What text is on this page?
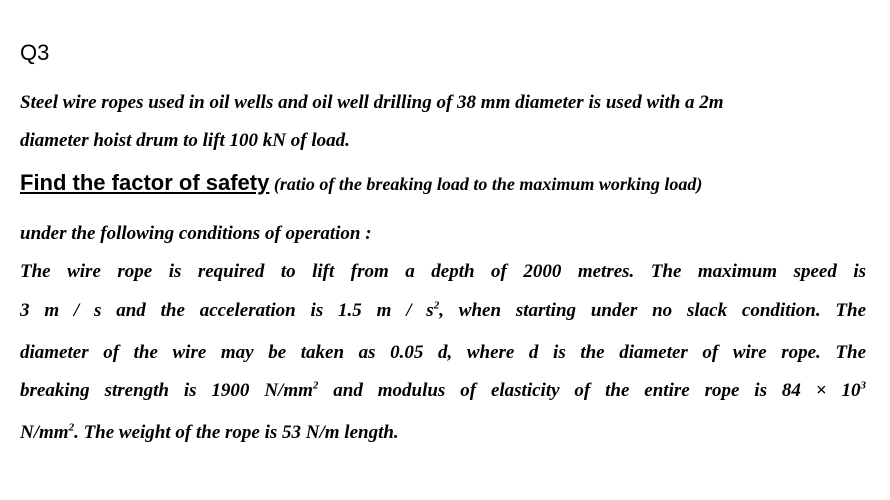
Q3
Steel wire ropes used in oil wells and oil well drilling of 38 mm diameter is used with a 2m
diameter hoist drum to lift 100 kN of load.
Find the factor of safety (ratio of the breaking load to the maximum working load)
under the following conditions of operation :
The wire rope is required to lift from a depth of 2000 metres. The maximum speed is
3 m / s and the acceleration is 1.5 m / $s^2$, when starting under no slack condition. The
diameter of the wire may be taken as 0.05 d, where d is the diameter of wire rope. The
breaking strength is 1900 $N/mm^2$ and modulus of elasticity of the entire rope is $84 \times 10^3$
$N/mm^2$. The weight of the rope is 53 N/m length.
